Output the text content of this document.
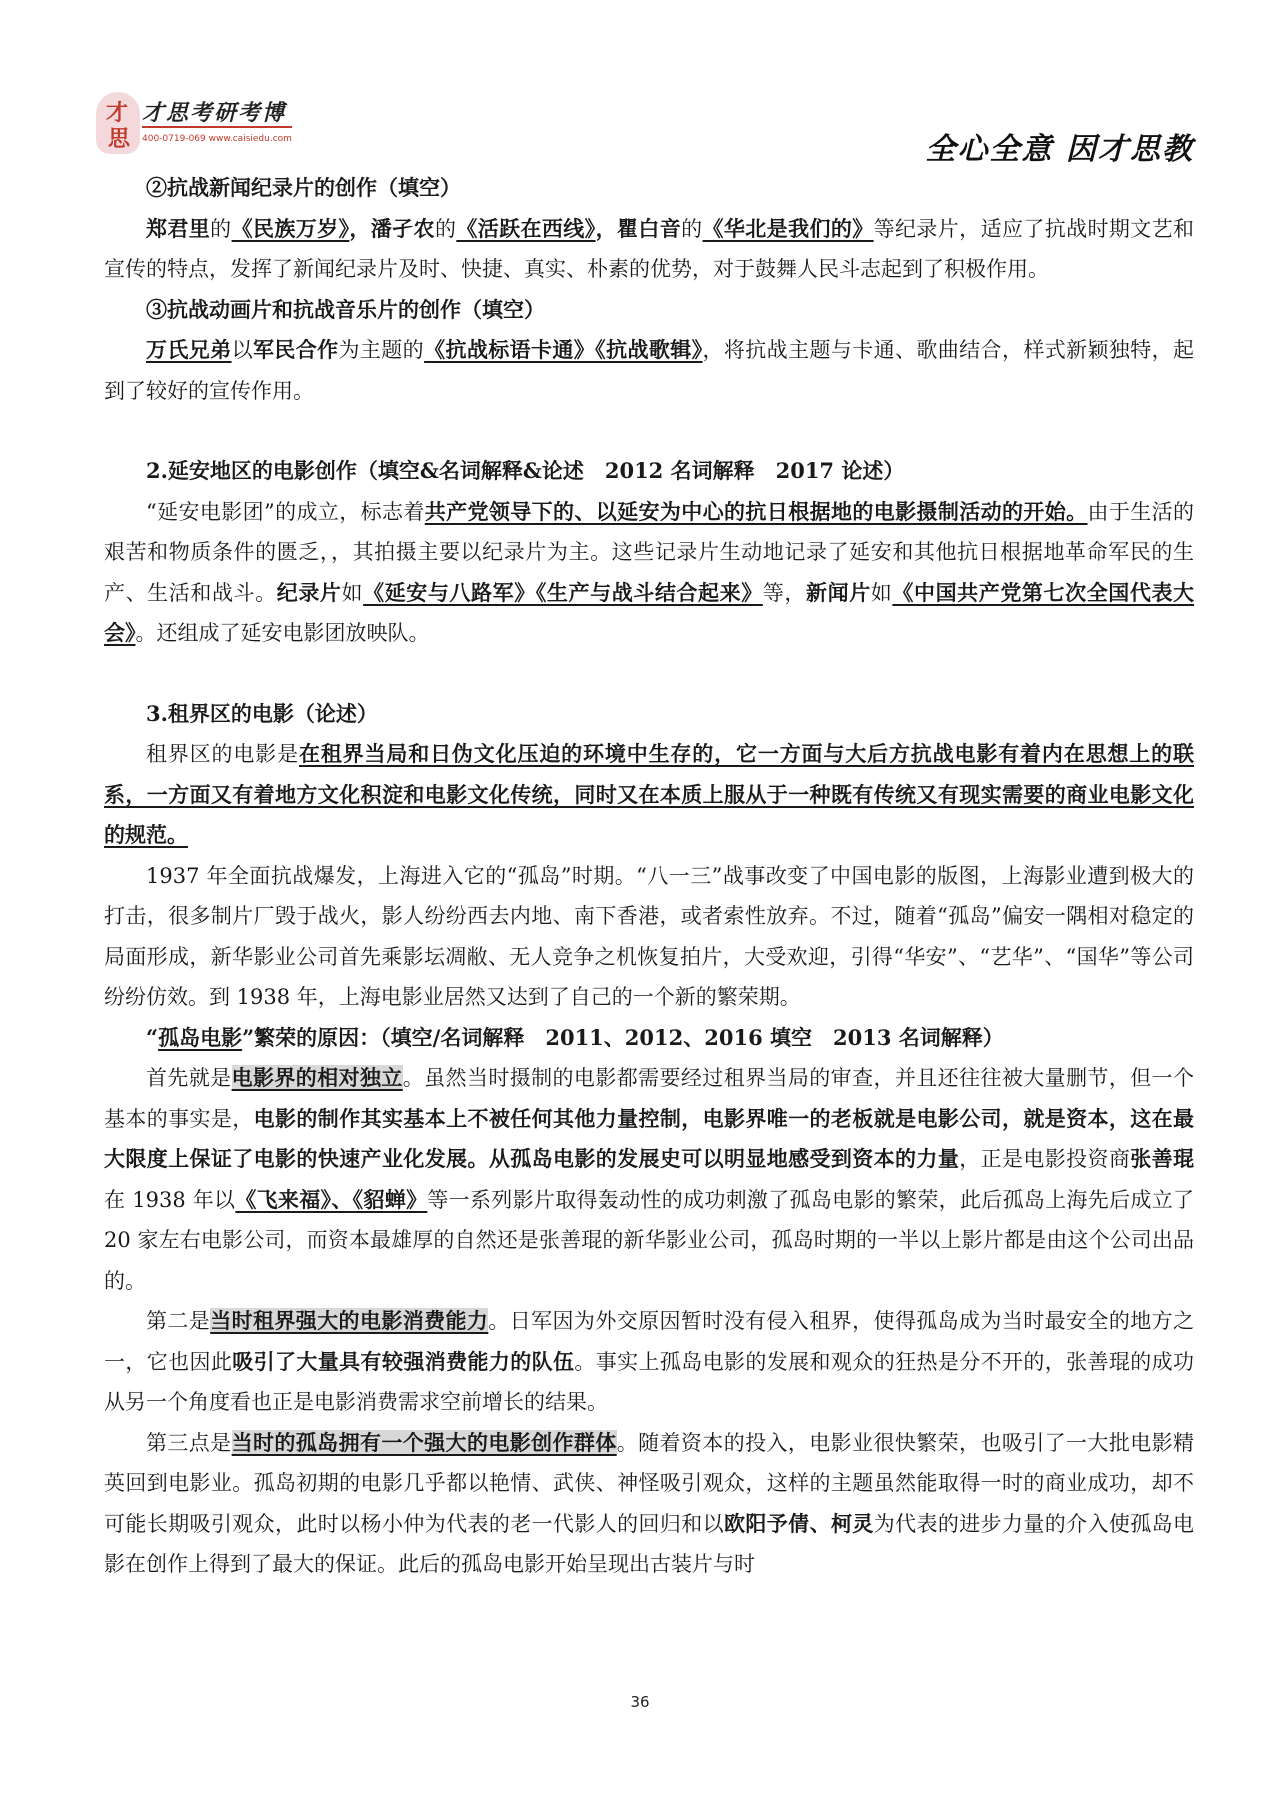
才
思
才思考研考博
400-0719-069 www.caisiedu.com	全心全意 因才思教

②抗战新闻纪录片的创作（填空）

郑君里的《民族万岁》，潘孑农的《活跃在西线》，瞿白音的《华北是我们的》等纪录片，适应了抗战时期文艺和宣传的特点，发挥了新闻纪录片及时、快捷、真实、朴素的优势，对于鼓舞人民斗志起到了积极作用。

③抗战动画片和抗战音乐片的创作（填空）

万氏兄弟以军民合作为主题的《抗战标语卡通》《抗战歌辑》，将抗战主题与卡通、歌曲结合，样式新颖独特，起到了较好的宣传作用。

2.延安地区的电影创作（填空&名词解释&论述　2012 名词解释　2017 论述）

“延安电影团”的成立，标志着共产党领导下的、以延安为中心的抗日根据地的电影摄制活动的开始。由于生活的艰苦和物质条件的匮乏，，其拍摄主要以纪录片为主。这些记录片生动地记录了延安和其他抗日根据地革命军民的生产、生活和战斗。纪录片如《延安与八路军》《生产与战斗结合起来》等，新闻片如《中国共产党第七次全国代表大会》。还组成了延安电影团放映队。

3.租界区的电影（论述）

租界区的电影是在租界当局和日伪文化压迫的环境中生存的，它一方面与大后方抗战电影有着内在思想上的联系，一方面又有着地方文化积淀和电影文化传统，同时又在本质上服从于一种既有传统又有现实需要的商业电影文化的规范。

1937 年全面抗战爆发，上海进入它的“孤岛”时期。“八一三”战事改变了中国电影的版图，上海影业遭到极大的打击，很多制片厂毁于战火，影人纷纷西去内地、南下香港，或者索性放弃。不过，随着“孤岛”偏安一隅相对稳定的局面形成，新华影业公司首先乘影坛凋敝、无人竞争之机恢复拍片，大受欢迎，引得“华安”、“艺华”、“国华”等公司纷纷仿效。到 1938 年，上海电影业居然又达到了自己的一个新的繁荣期。

“孤岛电影”繁荣的原因：（填空/名词解释　2011、2012、2016 填空　2013 名词解释）

首先就是电影界的相对独立。虽然当时摄制的电影都需要经过租界当局的审查，并且还往往被大量删节，但一个基本的事实是，电影的制作其实基本上不被任何其他力量控制，电影界唯一的老板就是电影公司，就是资本，这在最大限度上保证了电影的快速产业化发展。从孤岛电影的发展史可以明显地感受到资本的力量，正是电影投资商张善琨在 1938 年以《飞来福》、《貂蝉》等一系列影片取得轰动性的成功刺激了孤岛电影的繁荣，此后孤岛上海先后成立了 20 家左右电影公司，而资本最雄厚的自然还是张善琨的新华影业公司，孤岛时期的一半以上影片都是由这个公司出品的。

第二是当时租界强大的电影消费能力。日军因为外交原因暂时没有侵入租界，使得孤岛成为当时最安全的地方之一，它也因此吸引了大量具有较强消费能力的队伍。事实上孤岛电影的发展和观众的狂热是分不开的，张善琨的成功从另一个角度看也正是电影消费需求空前增长的结果。

第三点是当时的孤岛拥有一个强大的电影创作群体。随着资本的投入，电影业很快繁荣，也吸引了一大批电影精英回到电影业。孤岛初期的电影几乎都以艳情、武侠、神怪吸引观众，这样的主题虽然能取得一时的商业成功，却不可能长期吸引观众，此时以杨小仲为代表的老一代影人的回归和以欧阳予倩、柯灵为代表的进步力量的介入使孤岛电影在创作上得到了最大的保证。此后的孤岛电影开始呈现出古装片与时

36
